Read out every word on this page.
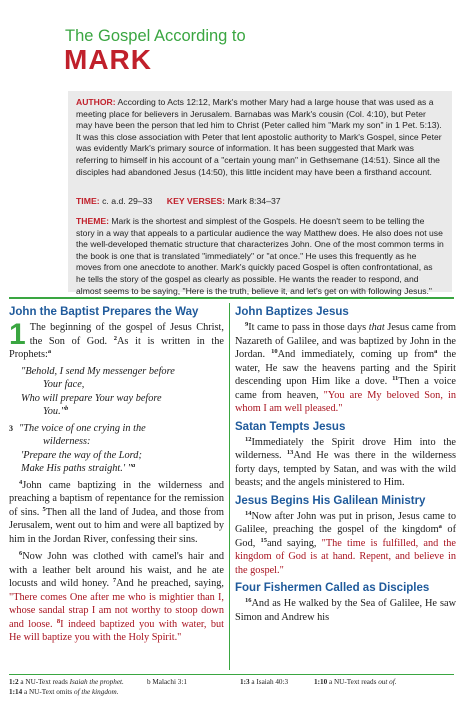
The Gospel According to
MARK
AUTHOR: According to Acts 12:12, Mark's mother Mary had a large house that was used as a meeting place for believers in Jerusalem. Barnabas was Mark's cousin (Col. 4:10), but Peter may have been the person that led him to Christ (Peter called him "Mark my son" in 1 Pet. 5:13). It was this close association with Peter that lent apostolic authority to Mark's Gospel, since Peter was evidently Mark's primary source of information. It has been suggested that Mark was referring to himself in his account of a "certain young man" in Gethsemane (14:51). Since all the disciples had abandoned Jesus (14:50), this little incident may have been a firsthand account.
TIME: c. a.d. 29–33 KEY VERSES: Mark 8:34–37
THEME: Mark is the shortest and simplest of the Gospels. He doesn't seem to be telling the story in a way that appeals to a particular audience the way Matthew does. He also does not use the well-developed thematic structure that characterizes John. One of the most common terms in the book is one that is translated "immediately" or "at once." He uses this frequently as he moves from one anecdote to another. Mark's quickly paced Gospel is often confrontational, as he tells the story of the gospel as clearly as possible. He wants the reader to respond, and almost seems to be saying, "Here is the truth, believe it, and let's get on with following Jesus."
John the Baptist Prepares the Way

1 The beginning of the gospel of Jesus Christ, the Son of God. $^2$As it is written in the Prophets:$^a$

"Behold, I send My messenger before
Your face,
Who will prepare Your way before
You."$^b$
3 "The voice of one crying in the
wilderness:
'Prepare the way of the Lord;
Make His paths straight.' "$^a$

$^4$John came baptizing in the wilderness and preaching a baptism of repentance for the remission of sins. $^5$Then all the land of Judea, and those from Jerusalem, went out to him and were all baptized by him in the Jordan River, confessing their sins.

$^6$Now John was clothed with camel's hair and with a leather belt around his waist, and he ate locusts and wild honey. $^7$And he preached, saying, "There comes One after me who is mightier than I, whose sandal strap I am not worthy to stoop down and loose. $^8$I indeed baptized you with water, but He will baptize you with the Holy Spirit."

John Baptizes Jesus

$^9$It came to pass in those days that Jesus came from Nazareth of Galilee, and was baptized by John in the Jordan. $^{10}$And immediately, coming up from$^a$ the water, He saw the heavens parting and the Spirit descending upon Him like a dove. $^{11}$Then a voice came from heaven, "You are My beloved Son, in whom I am well pleased."

Satan Tempts Jesus

$^{12}$Immediately the Spirit drove Him into the wilderness. $^{13}$And He was there in the wilderness forty days, tempted by Satan, and was with the wild beasts; and the angels ministered to Him.

Jesus Begins His Galilean Ministry

$^{14}$Now after John was put in prison, Jesus came to Galilee, preaching the gospel of the kingdom$^a$ of God, $^{15}$and saying, "The time is fulfilled, and the kingdom of God is at hand. Repent, and believe in the gospel."

Four Fishermen Called as Disciples

$^{16}$And as He walked by the Sea of Galilee, He saw Simon and Andrew his

1:2 a NU-Text reads Isaiah the prophet.	b Malachi 3:1	1:3 a Isaiah 40:3	1:10 a NU-Text reads out of.
1:14 a NU-Text omits of the kingdom.
